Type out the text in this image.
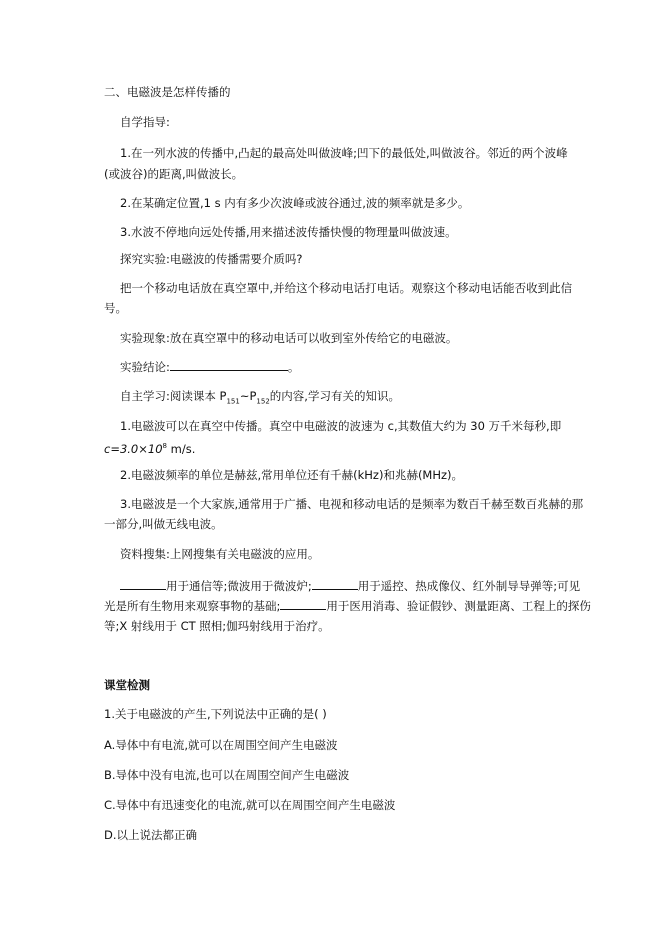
二、电磁波是怎样传播的
自学指导:
1.在一列水波的传播中,凸起的最高处叫做波峰;凹下的最低处,叫做波谷。邻近的两个波峰
(或波谷)的距离,叫做波长。
2.在某确定位置,1 s 内有多少次波峰或波谷通过,波的频率就是多少。
3.水波不停地向远处传播,用来描述波传播快慢的物理量叫做波速。
探究实验:电磁波的传播需要介质吗?
把一个移动电话放在真空罩中,并给这个移动电话打电话。观察这个移动电话能否收到此信
号。
实验现象:放在真空罩中的移动电话可以收到室外传给它的电磁波。
实验结论:	。
自主学习:阅读课本 $P_{151}\sim P_{152}$的内容,学习有关的知识。
1.电磁波可以在真空中传播。真空中电磁波的波速为 c,其数值大约为 30 万千米每秒,即
$c=3.0\times 10^8$ m/s.
2.电磁波频率的单位是赫兹,常用单位还有千赫(kHz)和兆赫(MHz)。
3.电磁波是一个大家族,通常用于广播、电视和移动电话的是频率为数百千赫至数百兆赫的那
一部分,叫做无线电波。
资料搜集:上网搜集有关电磁波的应用。
用于通信等;微波用于微波炉;	用于遥控、热成像仪、红外制导导弹等;可见
光是所有生物用来观察事物的基础;	用于医用消毒、验证假钞、测量距离、工程上的探伤
等;X 射线用于 CT 照相;伽玛射线用于治疗。
课堂检测
1.关于电磁波的产生,下列说法中正确的是( )
A.导体中有电流,就可以在周围空间产生电磁波
B.导体中没有电流,也可以在周围空间产生电磁波
C.导体中有迅速变化的电流,就可以在周围空间产生电磁波
D.以上说法都正确
